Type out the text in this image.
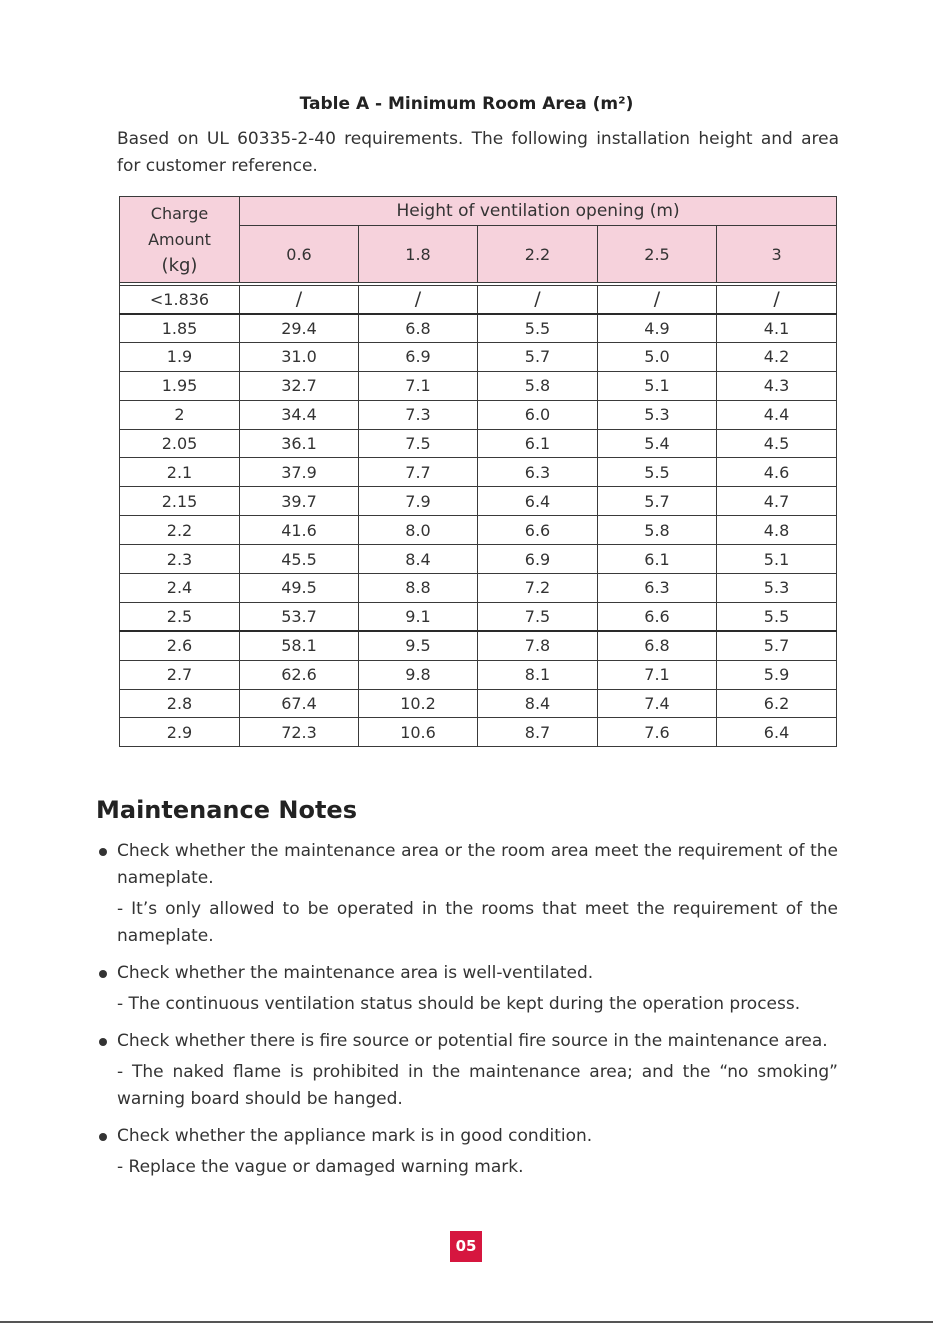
Table A - Minimum Room Area (m²)
Based on UL 60335-2-40 requirements. The following installation height and area for customer reference.
Charge
Amount
(kg)	Height of ventilation opening (m)				
	0.6	1.8	2.2	2.5	3

<1.836	/	/	/	/	/
1.85	29.4	6.8	5.5	4.9	4.1
1.9	31.0	6.9	5.7	5.0	4.2
1.95	32.7	7.1	5.8	5.1	4.3
2	34.4	7.3	6.0	5.3	4.4
2.05	36.1	7.5	6.1	5.4	4.5
2.1	37.9	7.7	6.3	5.5	4.6
2.15	39.7	7.9	6.4	5.7	4.7
2.2	41.6	8.0	6.6	5.8	4.8
2.3	45.5	8.4	6.9	6.1	5.1
2.4	49.5	8.8	7.2	6.3	5.3
2.5	53.7	9.1	7.5	6.6	5.5
2.6	58.1	9.5	7.8	6.8	5.7
2.7	62.6	9.8	8.1	7.1	5.9
2.8	67.4	10.2	8.4	7.4	6.2
2.9	72.3	10.6	8.7	7.6	6.4
Maintenance Notes
Check whether the maintenance area or the room area meet the requirement of the nameplate.
- It’s only allowed to be operated in the rooms that meet the requirement of the nameplate.
Check whether the maintenance area is well-ventilated.
- The continuous ventilation status should be kept during the operation process.
Check whether there is fire source or potential fire source in the maintenance area.
- The naked flame is prohibited in the maintenance area; and the “no smoking” warning board should be hanged.
Check whether the appliance mark is in good condition.
- Replace the vague or damaged warning mark.
05
